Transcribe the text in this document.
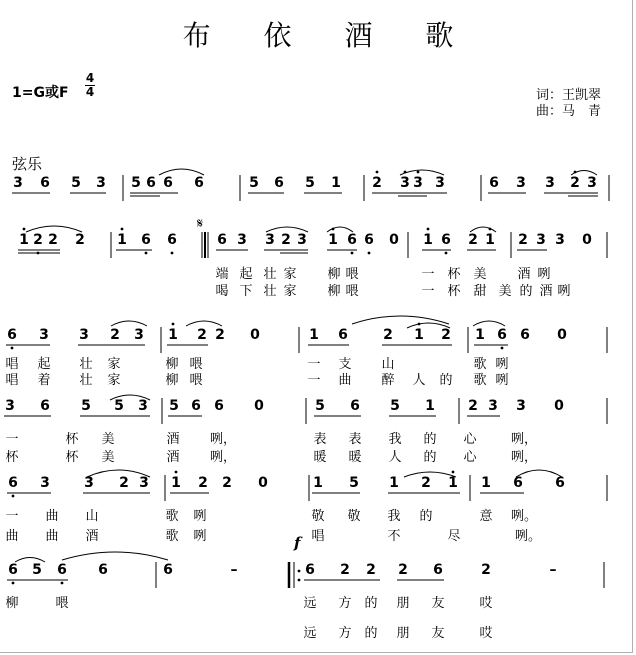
布 依 酒 歌
1=G或F
4
4	词：王凯翠
曲：马　青
弦乐
3 6 5 3 5 6 6 6	5 6 5 1 2 3 3 3	6 3 3 2 3
1 2 2 2 1 6 6	6 3 3 2 3 1 6 6 0 1 6 2 1 2 3 3 0
6 3 3 2 3 1 2 2 0	1 6	2 1 2 1 6 6 0
3 6 5 5 3 5 6 6 0	5 6 5 1 2 3 3 0
6 3 3 2 3 1 2 2 0	1 5 1 2 1 1 6 6
6 5 6 6	6	–	6 2 2 2 6	2	–
端 起 壮 家 柳 喂	一 杯 美 酒 咧
喝 下 壮 家 柳 喂	一 杯 甜 美 的 酒 咧
唱 起 壮 家	柳 喂	一 支 山	歌 咧
唱 着 壮 家	柳 喂	一 曲 醉 人 的 歌 咧
一	杯 美	酒 咧，	表 表 我 的 心	咧，
杯	杯 美	酒 咧，	暖 暖 人 的 心	咧，
一 曲 山	歌 咧	敬 敬 我 的	意 咧。
曲 曲 酒	歌 咧	唱	不	尽	咧。
柳	喂	远 方 的 朋 友	哎
远 方 的 朋 友	哎
f
𝄋
